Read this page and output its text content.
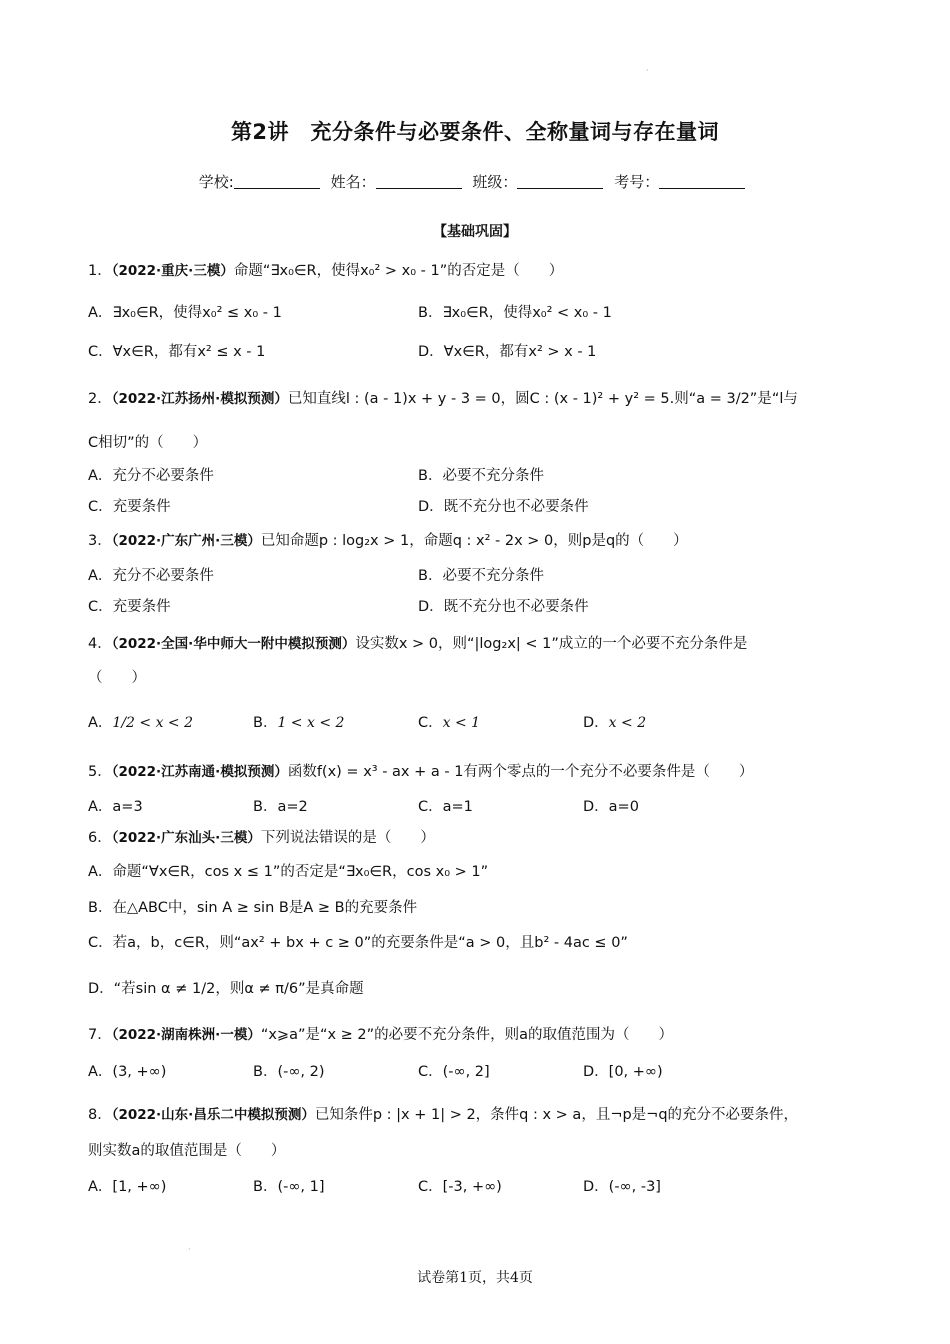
·
第2讲　充分条件与必要条件、全称量词与存在量词
学校:	姓名：	班级：	考号：
【基础巩固】
1．（2022·重庆·三模）命题“∃x₀∈R，使得x₀² > x₀ - 1”的否定是（　　）
A．∃x₀∈R，使得x₀² ≤ x₀ - 1	B．∃x₀∈R，使得x₀² < x₀ - 1
C．∀x∈R，都有x² ≤ x - 1	D．∀x∈R，都有x² > x - 1
2．（2022·江苏扬州·模拟预测）已知直线l : (a - 1)x + y - 3 = 0，圆C : (x - 1)² + y² = 5.则“a = 3/2”是“l与
C相切”的（　　）
A．充分不必要条件	B．必要不充分条件
C．充要条件	D．既不充分也不必要条件
3．（2022·广东广州·三模）已知命题p : log₂x > 1，命题q : x² - 2x > 0，则p是q的（　　）
A．充分不必要条件	B．必要不充分条件
C．充要条件	D．既不充分也不必要条件
4．（2022·全国·华中师大一附中模拟预测）设实数x > 0，则“|log₂x| < 1”成立的一个必要不充分条件是
（　　）
A．1/2 < x < 2	B．1 < x < 2	C．x < 1	D．x < 2
5．（2022·江苏南通·模拟预测）函数f(x) = x³ - ax + a - 1有两个零点的一个充分不必要条件是（　　）
A．a=3	B．a=2	C．a=1	D．a=0
6．（2022·广东汕头·三模）下列说法错误的是（　　）
A．命题“∀x∈R，cos x ≤ 1”的否定是“∃x₀∈R，cos x₀ > 1”
B．在△ABC中，sin A ≥ sin B是A ≥ B的充要条件
C．若a，b，c∈R，则“ax² + bx + c ≥ 0”的充要条件是“a > 0，且b² - 4ac ≤ 0”
D．“若sin α ≠ 1/2，则α ≠ π/6”是真命题
7．（2022·湖南株洲·一模）“x⩾a”是“x ≥ 2”的必要不充分条件，则a的取值范围为（　　）
A．(3, +∞)	B．(-∞, 2)	C．(-∞, 2]	D．[0, +∞)
8．（2022·山东·昌乐二中模拟预测）已知条件p : |x + 1| > 2，条件q : x > a，且¬p是¬q的充分不必要条件，
则实数a的取值范围是（　　）
A．[1, +∞)	B．(-∞, 1]	C．[-3, +∞)	D．(-∞, -3]
·
试卷第1页，共4页
